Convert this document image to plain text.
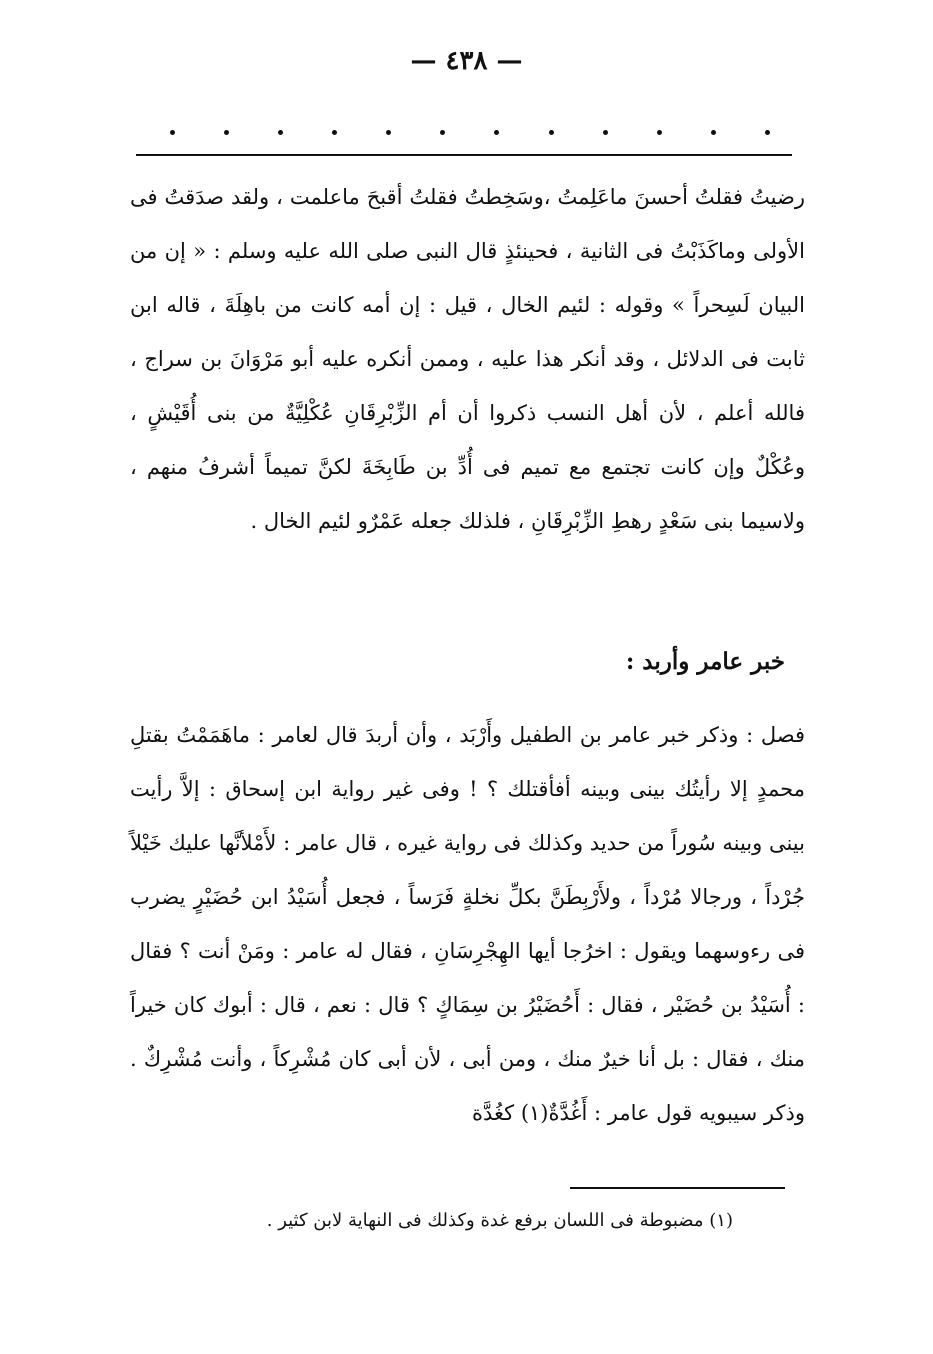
— ٤٣٨ —

رضيتُ فقلتُ أحسنَ ماعَلِمتُ ،وسَخِطتُ فقلتُ أقبحَ ماعلمت ، ولقد صدَقتُ فى الأولى وماكَذَبْتُ فى الثانية ، فحينئذٍ قال النبى صلى الله عليه وسلم : « إن من البيان لَسِحراً » وقوله : لئيم الخال ، قيل : إن أمه كانت من باهِلَةَ ، قاله ابن ثابت فى الدلائل ، وقد أنكر هذا عليه ، وممن أنكره عليه أبو مَرْوَانَ بن سراج ، فالله أعلم ، لأن أهل النسب ذكروا أن أم الزِّبْرِقَانِ عُكْلِيَّةٌ من بنى أُقَيْشٍ ، وعُكْلٌ وإن كانت تجتمع مع تميم فى أُدِّ بن طَابِخَةَ لكنَّ تميماً أشرفُ منهم ، ولاسيما بنى سَعْدٍ رهطِ الزِّبْرِقَانِ ، فلذلك جعله عَمْرٌو لئيم الخال .

خبر عامر وأربد :

فصل : وذكر خبر عامر بن الطفيل وأَرْبَد ، وأن أربدَ قال لعامر : ماهَمَمْتُ بقتلِ محمدٍ إلا رأيتُك بينى وبينه أفأقتلك ؟ ! وفى غير رواية ابن إسحاق : إلاَّ رأيت بينى وبينه سُوراً من حديد وكذلك فى رواية غيره ، قال عامر : لأَمْلأنَّها عليك خَيْلاً جُرْداً ، ورجالا مُرْداً ، ولأَرْبِطَنَّ بكلِّ نخلةٍ فَرَساً ، فجعل أُسَيْدُ ابن حُضَيْرٍ يضرب فى رءوسهما ويقول : اخرُجا أيها الهِجْرِسَانِ ، فقال له عامر : ومَنْ أنت ؟ فقال : أُسَيْدُ بن حُضَيْر ، فقال : أَحُضَيْرُ بن سِمَاكٍ ؟ قال : نعم ، قال : أبوك كان خيراً منك ، فقال : بل أنا خيرٌ منك ، ومن أبى ، لأن أبى كان مُشْرِكاً ، وأنت مُشْرِكٌ . وذكر سيبويه قول عامر : أَغُدَّةٌ(١) كغُدَّة

(١) مضبوطة فى اللسان برفع غدة وكذلك فى النهاية لابن كثير .
